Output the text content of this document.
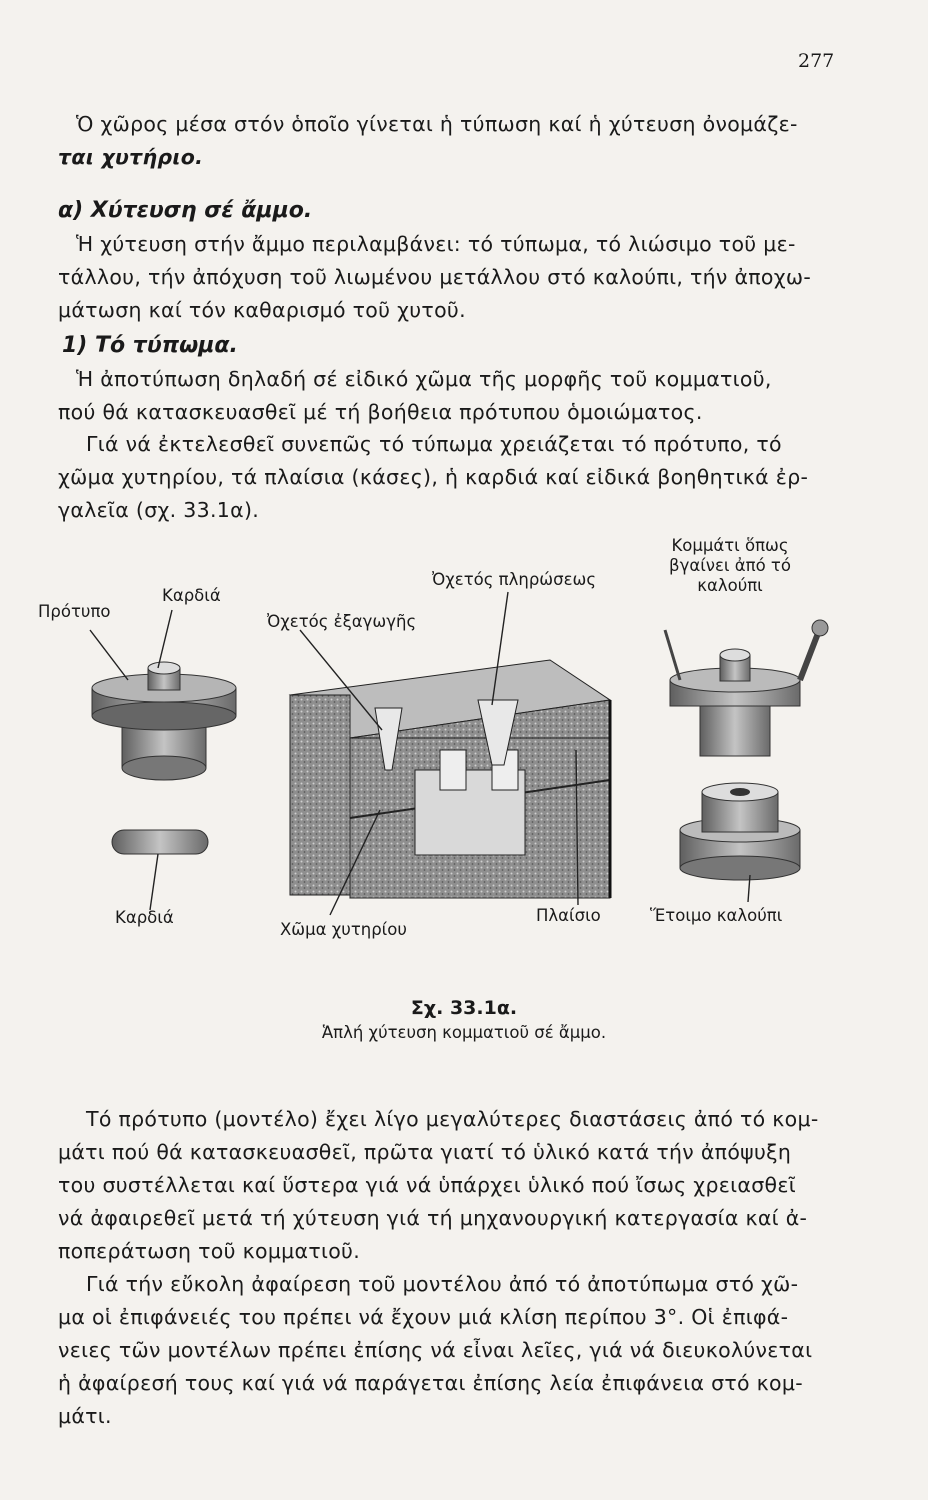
277

Ὁ χῶρος μέσα στόν ὁποῖο γίνεται ἡ τύπωση καί ἡ χύτευση ὀνομάζε-

ται χυτήριο.

α) Χύτευση σέ ἄμμο.

Ἡ χύτευση στήν ἄμμο περιλαμβάνει: τό τύπωμα, τό λιώσιμο τοῦ με-

τάλλου, τήν ἀπόχυση τοῦ λιωμένου μετάλλου στό καλούπι, τήν ἀποχω-

μάτωση καί τόν καθαρισμό τοῦ χυτοῦ.

1) Τό τύπωμα.

Ἡ ἀποτύπωση δηλαδή σέ εἰδικό χῶμα τῆς μορφῆς τοῦ κομματιοῦ,

πού θά κατασκευασθεῖ μέ τή βοήθεια πρότυπου ὁμοιώματος.

Γιά νά ἐκτελεσθεῖ συνεπῶς τό τύπωμα χρειάζεται τό πρότυπο, τό

χῶμα χυτηρίου, τά πλαίσια (κάσες), ἡ καρδιά καί εἰδικά βοηθητικά ἐρ-

γαλεῖα (σχ. 33.1α).

Πρότυπο
Καρδιά
Ὀχετός ἐξαγωγῆς
Ὀχετός πληρώσεως
Κομμάτι ὅπως βγαίνει ἀπό τό καλούπι
Καρδιά
Χῶμα χυτηρίου
Πλαίσιο	Ἕτοιμο καλούπι
Σχ. 33.1α.
Ἁπλή χύτευση κομματιοῦ σέ ἄμμο.

Τό πρότυπο (μοντέλο) ἔχει λίγο μεγαλύτερες διαστάσεις ἀπό τό κομ-

μάτι πού θά κατασκευασθεῖ, πρῶτα γιατί τό ὑλικό κατά τήν ἀπόψυξη

του συστέλλεται καί ὕστερα γιά νά ὑπάρχει ὑλικό πού ἴσως χρειασθεῖ

νά ἀφαιρεθεῖ μετά τή χύτευση γιά τή μηχανουργική κατεργασία καί ἀ-

ποπεράτωση τοῦ κομματιοῦ.

Γιά τήν εὔκολη ἀφαίρεση τοῦ μοντέλου ἀπό τό ἀποτύπωμα στό χῶ-

μα οἱ ἐπιφάνειές του πρέπει νά ἔχουν μιά κλίση περίπου 3°. Οἱ ἐπιφά-

νειες τῶν μοντέλων πρέπει ἐπίσης νά εἶναι λεῖες, γιά νά διευκολύνεται

ἡ ἀφαίρεσή τους καί γιά νά παράγεται ἐπίσης λεία ἐπιφάνεια στό κομ-

μάτι.
